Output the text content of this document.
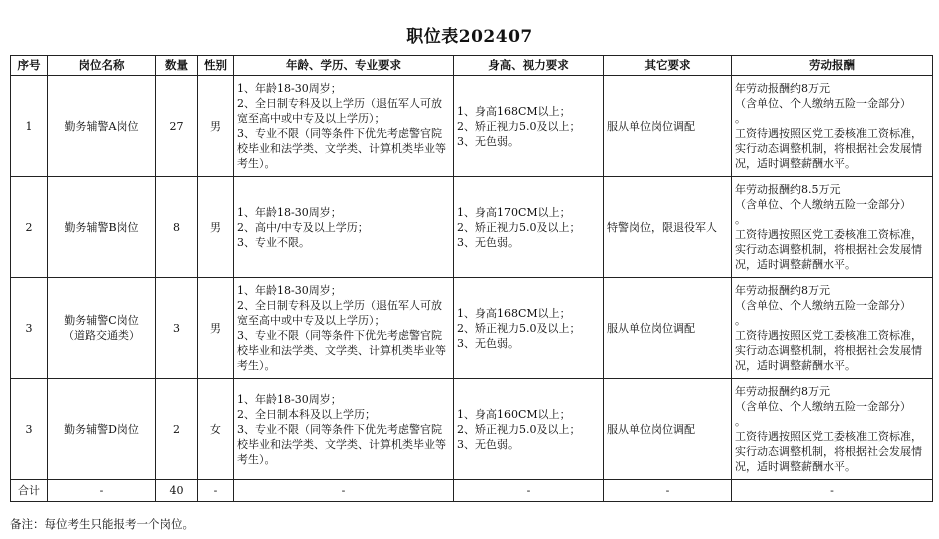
职位表202407
序号	岗位名称	数量	性别	年龄、学历、专业要求	身高、视力要求	其它要求	劳动报酬
1	勤务辅警A岗位	27	男	1、年龄18-30周岁；
2、全日制专科及以上学历（退伍军人可放宽至高中或中专及以上学历）；
3、专业不限（同等条件下优先考虑警官院校毕业和法学类、文学类、计算机类毕业等考生）。	1、身高168CM以上；
2、矫正视力5.0及以上；
3、无色弱。	服从单位岗位调配	年劳动报酬约8万元
（含单位、个人缴纳五险一金部分）
。
工资待遇按照区党工委核准工资标准，实行动态调整机制，将根据社会发展情况，适时调整薪酬水平。
2	勤务辅警B岗位	8	男	1、年龄18-30周岁；
2、高中/中专及以上学历；
3、专业不限。	1、身高170CM以上；
2、矫正视力5.0及以上；
3、无色弱。	特警岗位，限退役军人	年劳动报酬约8.5万元
（含单位、个人缴纳五险一金部分）
。
工资待遇按照区党工委核准工资标准，实行动态调整机制，将根据社会发展情况，适时调整薪酬水平。
3	勤务辅警C岗位
（道路交通类）	3	男	1、年龄18-30周岁；
2、全日制专科及以上学历（退伍军人可放宽至高中或中专及以上学历）；
3、专业不限（同等条件下优先考虑警官院校毕业和法学类、文学类、计算机类毕业等考生）。	1、身高168CM以上；
2、矫正视力5.0及以上；
3、无色弱。	服从单位岗位调配	年劳动报酬约8万元
（含单位、个人缴纳五险一金部分）
。
工资待遇按照区党工委核准工资标准，实行动态调整机制，将根据社会发展情况，适时调整薪酬水平。
3	勤务辅警D岗位	2	女	1、年龄18-30周岁；
2、全日制本科及以上学历；
3、专业不限（同等条件下优先考虑警官院校毕业和法学类、文学类、计算机类毕业等考生）。	1、身高160CM以上；
2、矫正视力5.0及以上；
3、无色弱。	服从单位岗位调配	年劳动报酬约8万元
（含单位、个人缴纳五险一金部分）
。
工资待遇按照区党工委核准工资标准，实行动态调整机制，将根据社会发展情况，适时调整薪酬水平。
合计	-	40	-	-	-	-	-
备注：每位考生只能报考一个岗位。
